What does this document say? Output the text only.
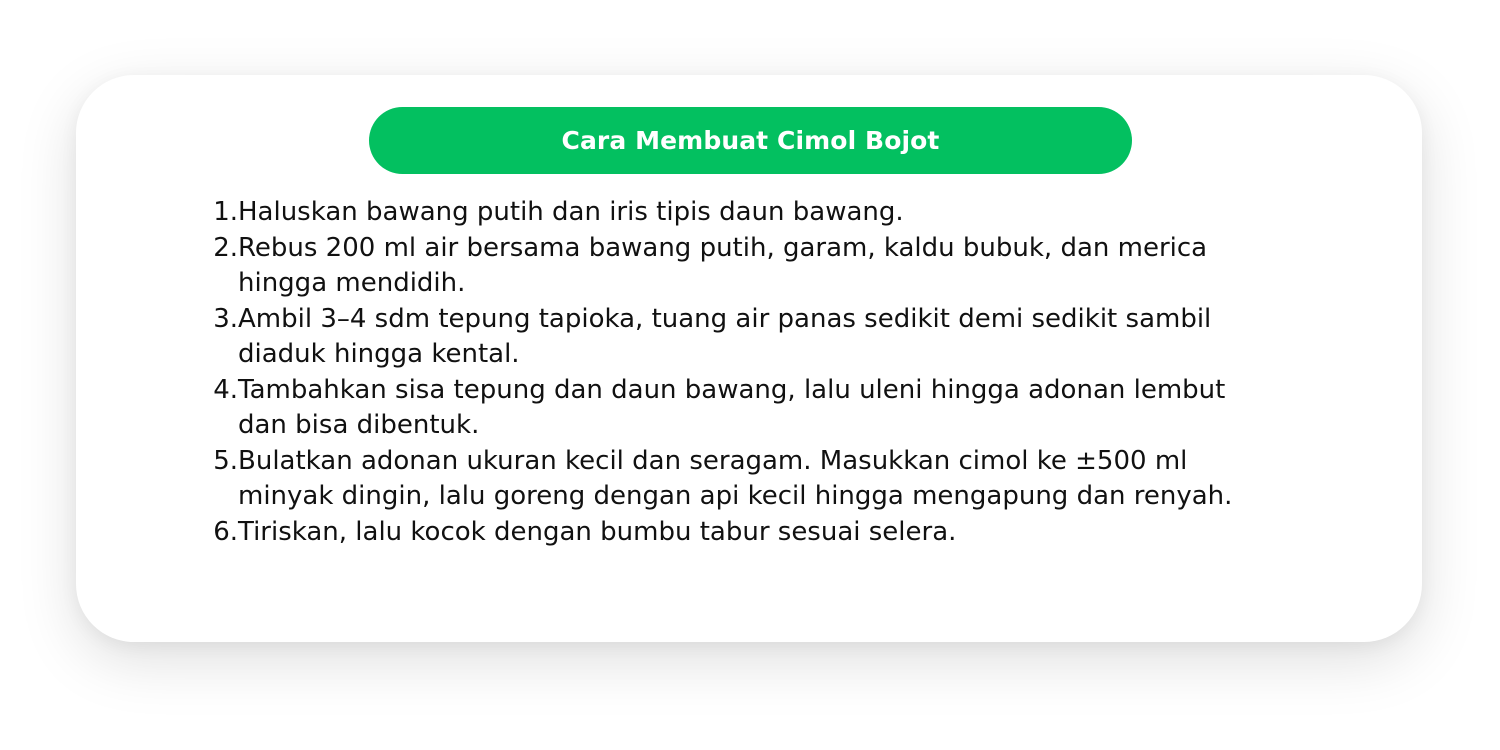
Cara Membuat Cimol Bojot
1. Haluskan bawang putih dan iris tipis daun bawang.
2. Rebus 200 ml air bersama bawang putih, garam, kaldu bubuk, dan merica
hingga mendidih.
3. Ambil 3–4 sdm tepung tapioka, tuang air panas sedikit demi sedikit sambil
diaduk hingga kental.
4. Tambahkan sisa tepung dan daun bawang, lalu uleni hingga adonan lembut
dan bisa dibentuk.
5. Bulatkan adonan ukuran kecil dan seragam. Masukkan cimol ke ±500 ml
minyak dingin, lalu goreng dengan api kecil hingga mengapung dan renyah.
6. Tiriskan, lalu kocok dengan bumbu tabur sesuai selera.
